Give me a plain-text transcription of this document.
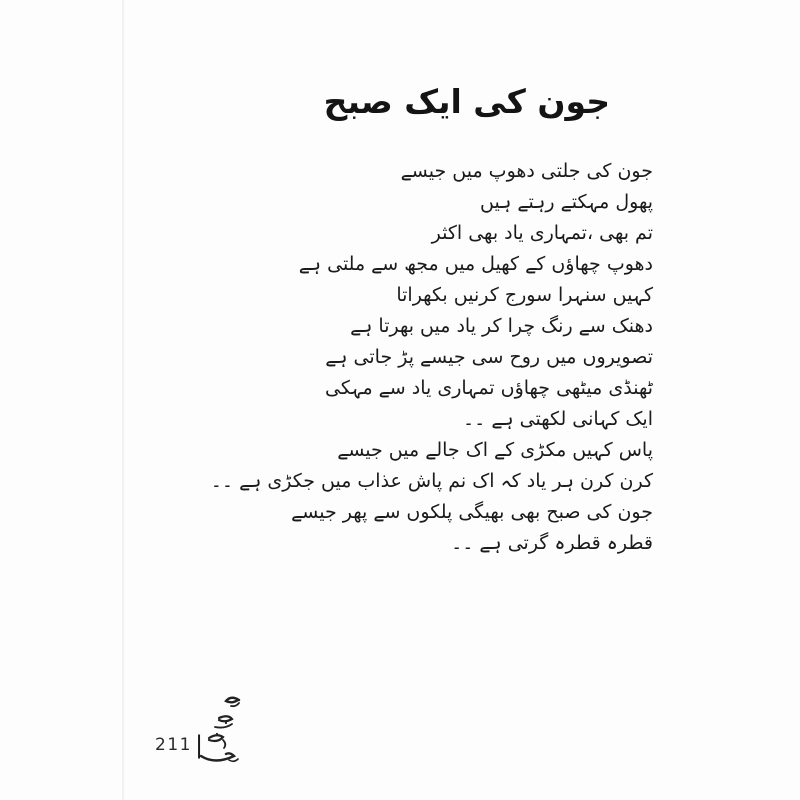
جون کی ایک صبح
جون کی جلتی دھوپ میں جیسے
پھول مہکتے رہتے ہیں
تم بھی ،تمہاری یاد بھی اکثر
دھوپ چھاؤں کے کھیل میں مجھ سے ملتی ہے
کہیں سنہرا سورج کرنیں بکھراتا
دھنک سے رنگ چرا کر یاد میں بھرتا ہے
تصویروں میں روح سی جیسے پڑ جاتی ہے
ٹھنڈی میٹھی چھاؤں تمہاری یاد سے مہکی
ایک کہانی لکھتی ہے ۔۔
پاس کہیں مکڑی کے اک جالے میں جیسے
کرن کرن ہر یاد کہ اک نم پاش عذاب میں جکڑی ہے ۔۔
جون کی صبح بھی بھیگی پلکوں سے پھر جیسے
قطرہ قطرہ گرتی ہے ۔۔
211 |
